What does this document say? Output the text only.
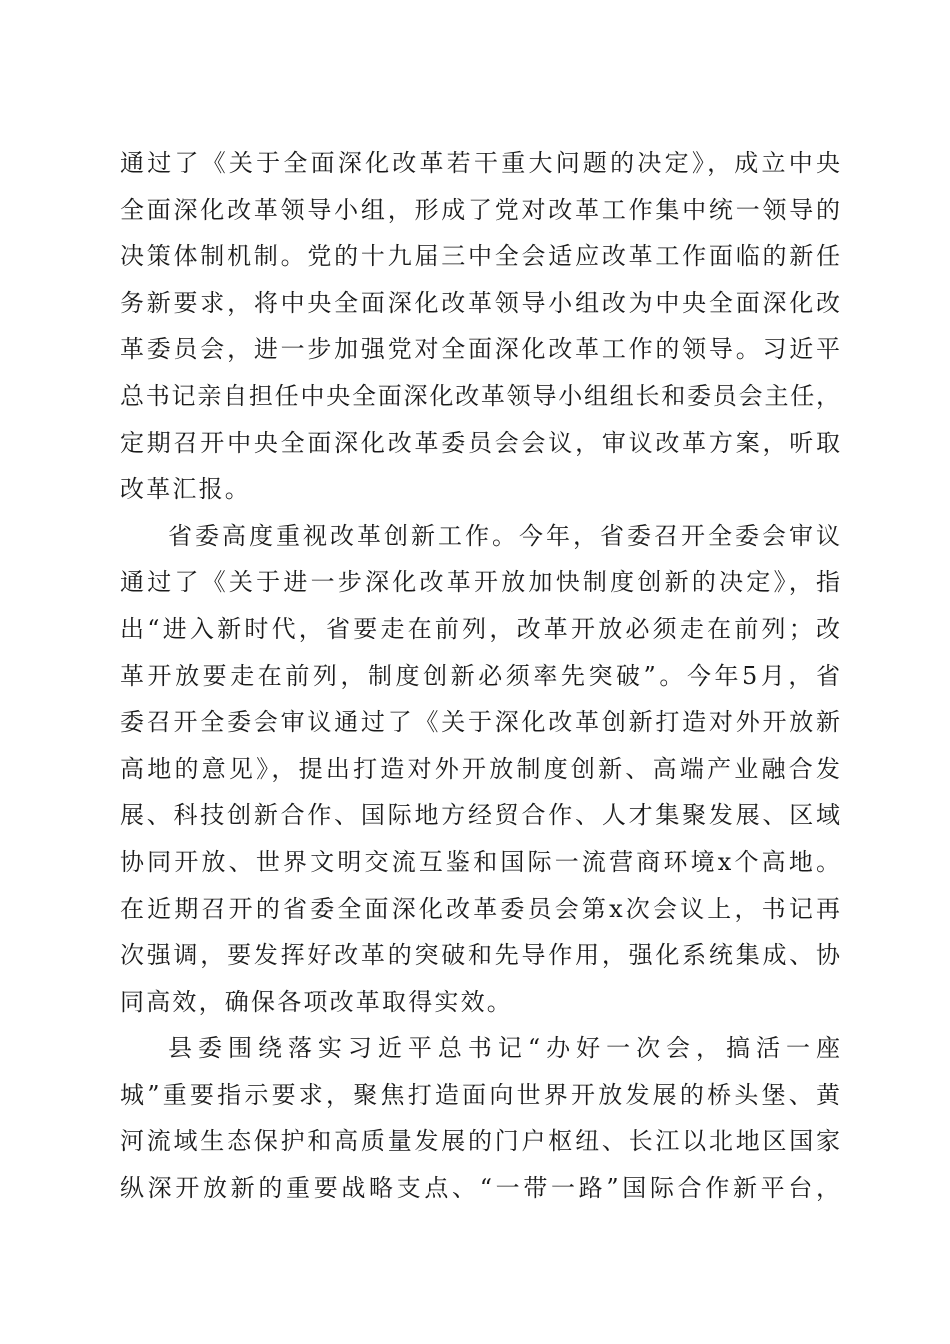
通过了《关于全面深化改革若干重大问题的决定》，成立中央
全面深化改革领导小组，形成了党对改革工作集中统一领导的
决策体制机制。党的十九届三中全会适应改革工作面临的新任
务新要求，将中央全面深化改革领导小组改为中央全面深化改
革委员会，进一步加强党对全面深化改革工作的领导。习近平
总书记亲自担任中央全面深化改革领导小组组长和委员会主任，
定期召开中央全面深化改革委员会会议，审议改革方案，听取
改革汇报。
省委高度重视改革创新工作。今年，省委召开全委会审议
通过了《关于进一步深化改革开放加快制度创新的决定》，指
出“进入新时代，省要走在前列，改革开放必须走在前列；改
革开放要走在前列，制度创新必须率先突破”。今年5月，省
委召开全委会审议通过了《关于深化改革创新打造对外开放新
高地的意见》，提出打造对外开放制度创新、高端产业融合发
展、科技创新合作、国际地方经贸合作、人才集聚发展、区域
协同开放、世界文明交流互鉴和国际一流营商环境x个高地。
在近期召开的省委全面深化改革委员会第x次会议上，书记再
次强调，要发挥好改革的突破和先导作用，强化系统集成、协
同高效，确保各项改革取得实效。
县委围绕落实习近平总书记“办好一次会，搞活一座
城”重要指示要求，聚焦打造面向世界开放发展的桥头堡、黄
河流域生态保护和高质量发展的门户枢纽、长江以北地区国家
纵深开放新的重要战略支点、“一带一路”国际合作新平台，
